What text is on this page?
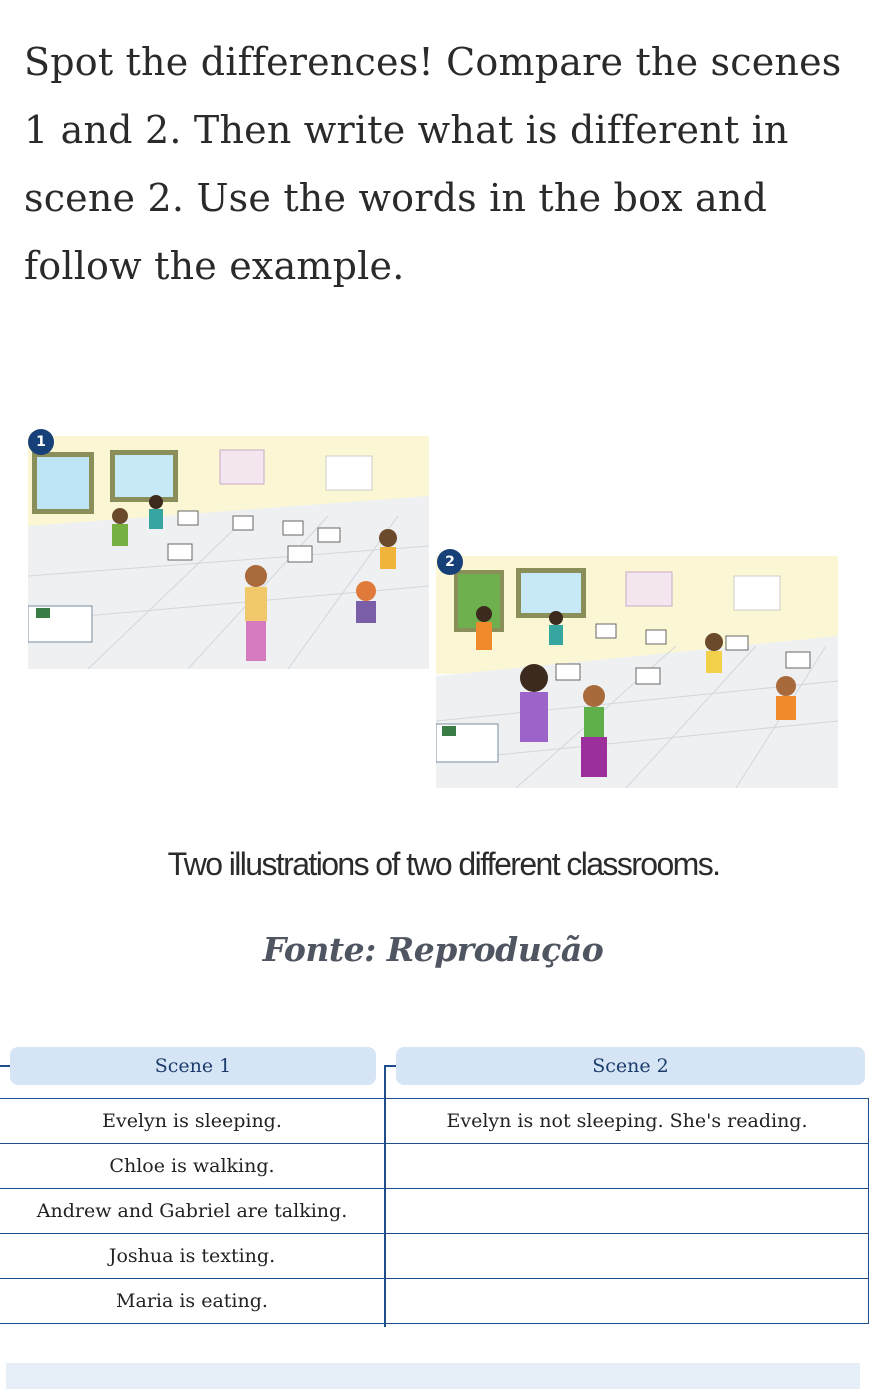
Spot the differences! Compare the scenes 1 and 2. Then write what is different in scene 2. Use the words in the box and follow the example.

1
2
Two illustrations of two different classrooms.
Fonte: Reprodução
Scene 1	Scene 2
Evelyn is sleeping.	Evelyn is not sleeping. She's reading.
Chloe is walking.	
Andrew and Gabriel are talking.	
Joshua is texting.	
Maria is eating.	
